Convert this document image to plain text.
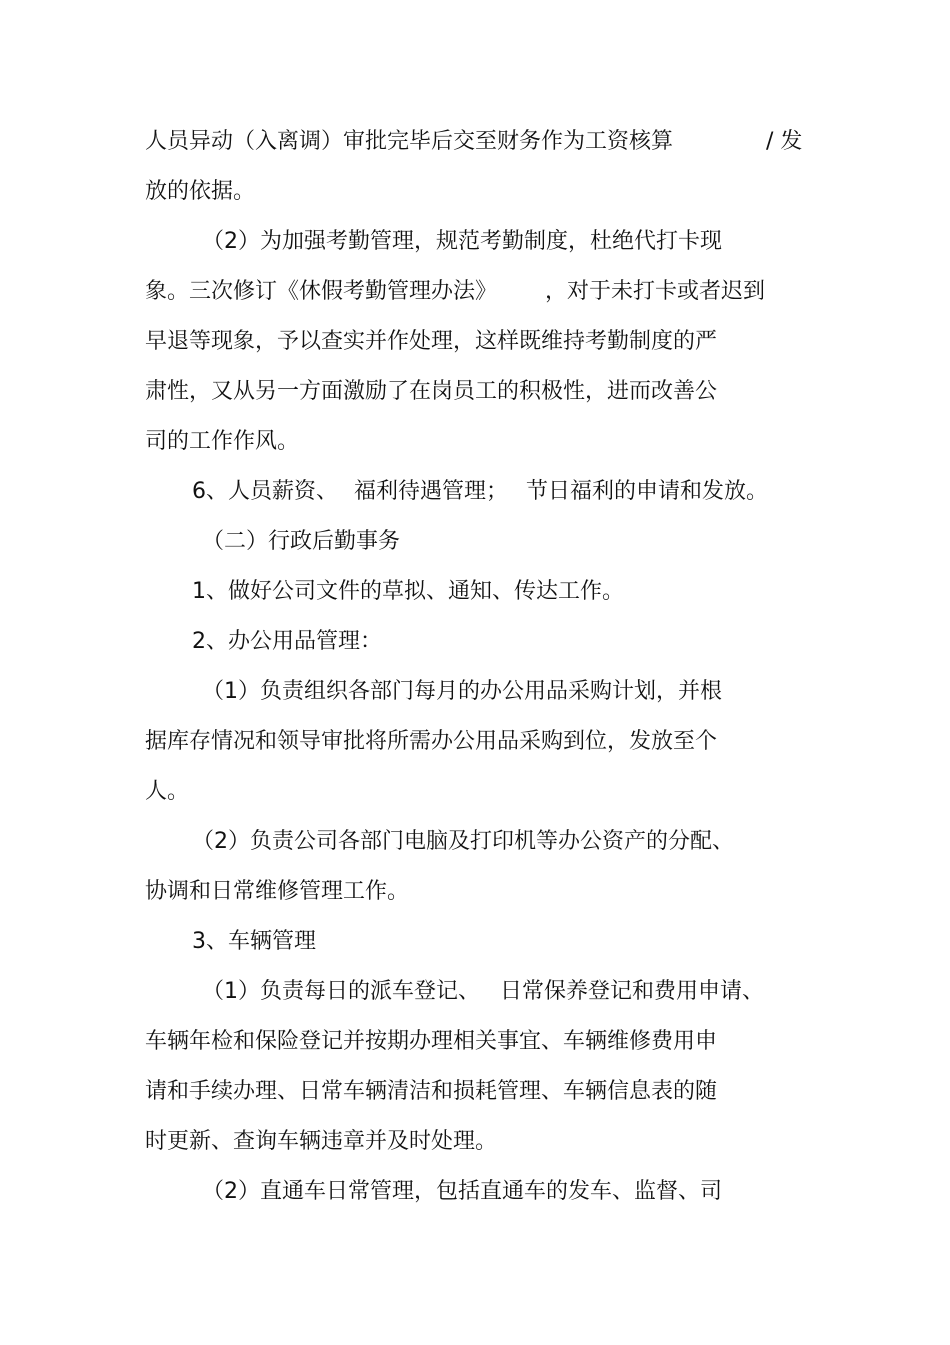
人员异动（入离调）审批完毕后交至财务作为工资核算	/ 发
放的依据。
（2）为加强考勤管理，规范考勤制度，杜绝代打卡现
象。三次修订《休假考勤管理办法》 ，对于未打卡或者迟到
早退等现象，予以查实并作处理，这样既维持考勤制度的严
肃性，又从另一方面激励了在岗员工的积极性，进而改善公
司的工作作风。
6、人员薪资、 福利待遇管理； 节日福利的申请和发放。
（二）行政后勤事务
1、做好公司文件的草拟、通知、传达工作。
2、办公用品管理：
（1）负责组织各部门每月的办公用品采购计划，并根
据库存情况和领导审批将所需办公用品采购到位，发放至个
人。
（2）负责公司各部门电脑及打印机等办公资产的分配、
协调和日常维修管理工作。
3、车辆管理
（1）负责每日的派车登记、 日常保养登记和费用申请、
车辆年检和保险登记并按期办理相关事宜、车辆维修费用申
请和手续办理、日常车辆清洁和损耗管理、车辆信息表的随
时更新、查询车辆违章并及时处理。
（2）直通车日常管理，包括直通车的发车、监督、司
